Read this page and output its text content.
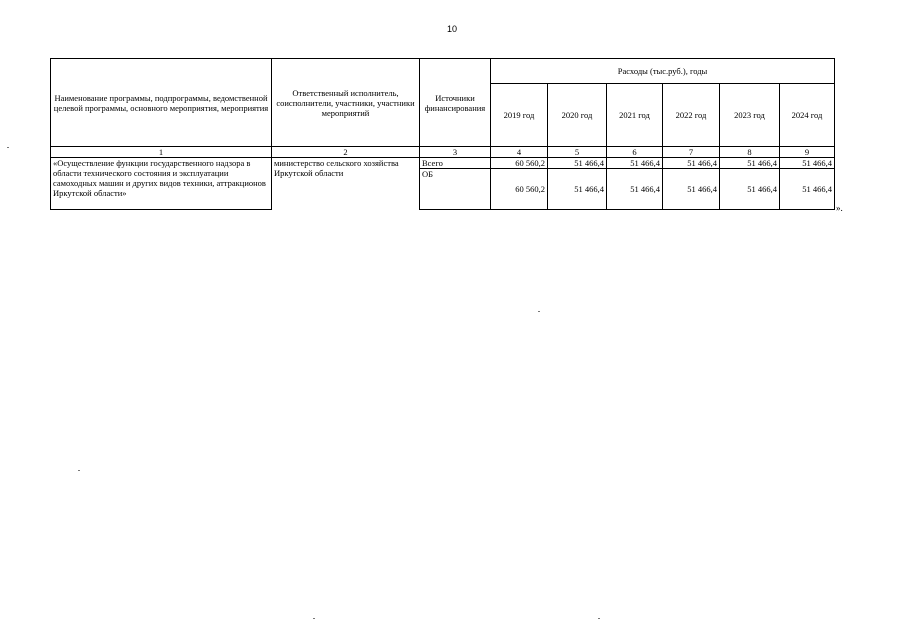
10
Наименование программы, подпрограммы, ведомственной целевой программы, основного мероприятия, мероприятия	Ответственный исполнитель, соисполнители, участники, участники мероприятий	Источники финансирования	Расходы (тыс.руб.), годы					
			2019 год	2020 год	2021 год	2022 год	2023 год	2024 год
1	2	3	4	5	6	7	8	9
«Осуществление функции государственного надзора в области технического состояния и эксплуатации самоходных машин и других видов техники, аттракционов Иркутской области»	министерство сельского хозяйства Иркутской области	Всего	60 560,2	51 466,4	51 466,4	51 466,4	51 466,4	51 466,4
		ОБ	60 560,2	51 466,4	51 466,4	51 466,4	51 466,4	51 466,4
».
